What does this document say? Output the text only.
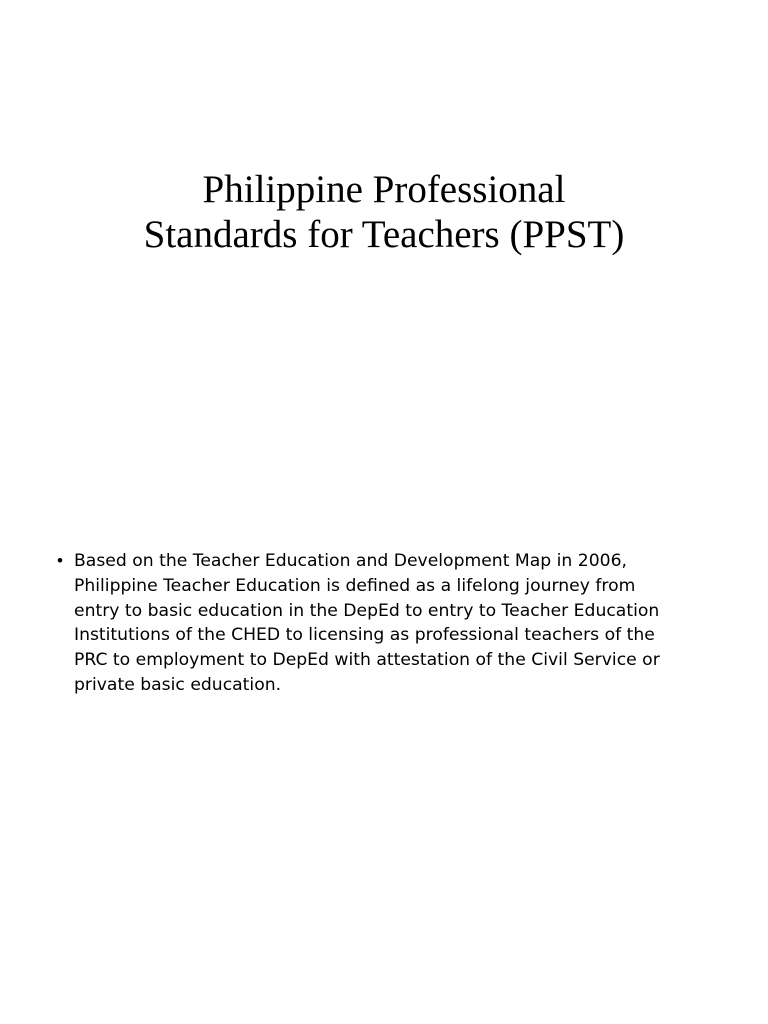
Philippine Professional
Standards for Teachers (PPST)
• Based on the Teacher Education and Development Map in 2006,
Philippine Teacher Education is defined as a lifelong journey from
entry to basic education in the DepEd to entry to Teacher Education
Institutions of the CHED to licensing as professional teachers of the
PRC to employment to DepEd with attestation of the Civil Service or
private basic education.
